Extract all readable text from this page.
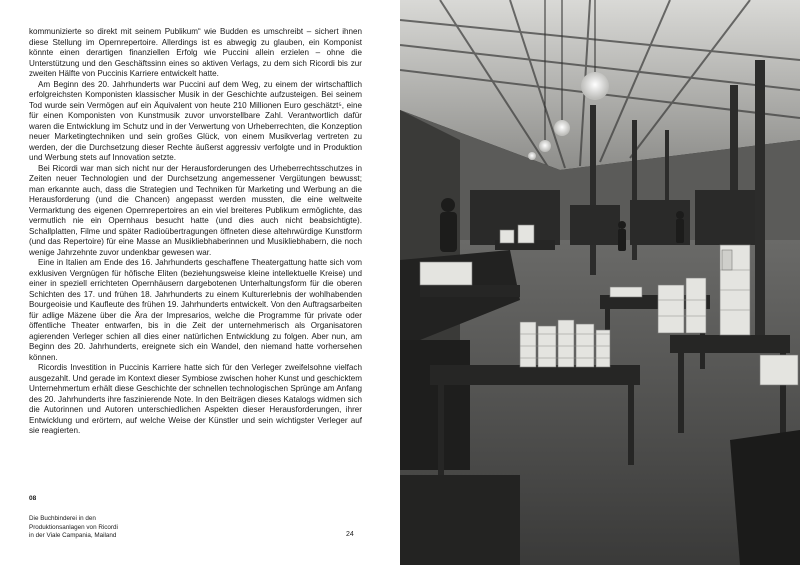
kommunizierte so direkt mit seinem Publikum“ wie Budden es umschreibt – sichert ihnen diese Stellung im Opernrepertoire. Allerdings ist es abwegig zu glauben, ein Komponist könnte einen derartigen finanziellen Erfolg wie Puccini allein erzielen – ohne die Unterstützung und den Geschäftssinn eines so aktiven Verlags, zu dem sich Ricordi bis zur zweiten Hälfte von Puccinis Karriere entwickelt hatte.

Am Beginn des 20. Jahrhunderts war Puccini auf dem Weg, zu einem der wirtschaftlich erfolgreichsten Komponisten klassischer Musik in der Geschichte aufzusteigen. Bei seinem Tod wurde sein Vermögen auf ein Äquivalent von heute 210 Millionen Euro geschätzt⁵, eine für einen Komponisten von Kunstmusik zuvor unvorstellbare Zahl. Verantwortlich dafür waren die Entwicklung im Schutz und in der Verwertung von Urheberrechten, die Konzeption neuer Marketingtechniken und sein großes Glück, von einem Musikverlag vertreten zu werden, der die Durchsetzung dieser Rechte äußerst aggressiv verfolgte und in Produktion und Werbung stets auf Innovation setzte.

Bei Ricordi war man sich nicht nur der Herausforderungen des Urheberrechtsschutzes in Zeiten neuer Technologien und der Durchsetzung angemessener Vergütungen bewusst; man erkannte auch, dass die Strategien und Techniken für Marketing und Werbung an die Herausforderung (und die Chancen) angepasst werden mussten, die eine weltweite Vermarktung des eigenen Opernrepertoires an ein viel breiteres Publikum ermöglichte, das vermutlich nie ein Opernhaus besucht hatte (und dies auch nicht beabsichtigte). Schallplatten, Filme und später Radioübertragungen öffneten diese altehrwürdige Kunstform (und das Repertoire) für eine Masse an Musikliebhaberinnen und Musikliebhabern, die noch wenige Jahrzehnte zuvor undenkbar gewesen war.

Eine in Italien am Ende des 16. Jahrhunderts geschaffene Theatergattung hatte sich vom exklusiven Vergnügen für höfische Eliten (beziehungsweise kleine intellektuelle Kreise) und einer in speziell errichteten Opernhäusern dargebotenen Unterhaltungsform für die oberen Schichten des 17. und frühen 18. Jahrhunderts zu einem Kulturerlebnis der wohlhabenden Bourgeoisie und Kaufleute des frühen 19. Jahrhunderts entwickelt. Von den Auftragsarbeiten für adlige Mäzene über die Ära der Impresarios, welche die Programme für private oder öffentliche Theater entwarfen, bis in die Zeit der unternehmerisch als Organisatoren agierenden Verleger schien all dies einer natürlichen Entwicklung zu folgen. Aber nun, am Beginn des 20. Jahrhunderts, ereignete sich ein Wandel, den niemand hatte vorhersehen können.

Ricordis Investition in Puccinis Karriere hatte sich für den Verleger zweifelsohne vielfach ausgezahlt. Und gerade im Kontext dieser Symbiose zwischen hoher Kunst und geschicktem Unternehmertum erhält diese Geschichte der schnellen technologischen Sprünge am Anfang des 20. Jahrhunderts ihre faszinierende Note. In den Beiträgen dieses Katalogs widmen sich die Autorinnen und Autoren unterschiedlichen Aspekten dieser Herausforderungen, ihrer Entwicklung und erörtern, auf welche Weise der Künstler und sein wichtigster Verleger auf sie reagierten.

08
Die Buchbinderei in den
Produktionsanlagen von Ricordi
in der Viale Campania, Mailand	24
